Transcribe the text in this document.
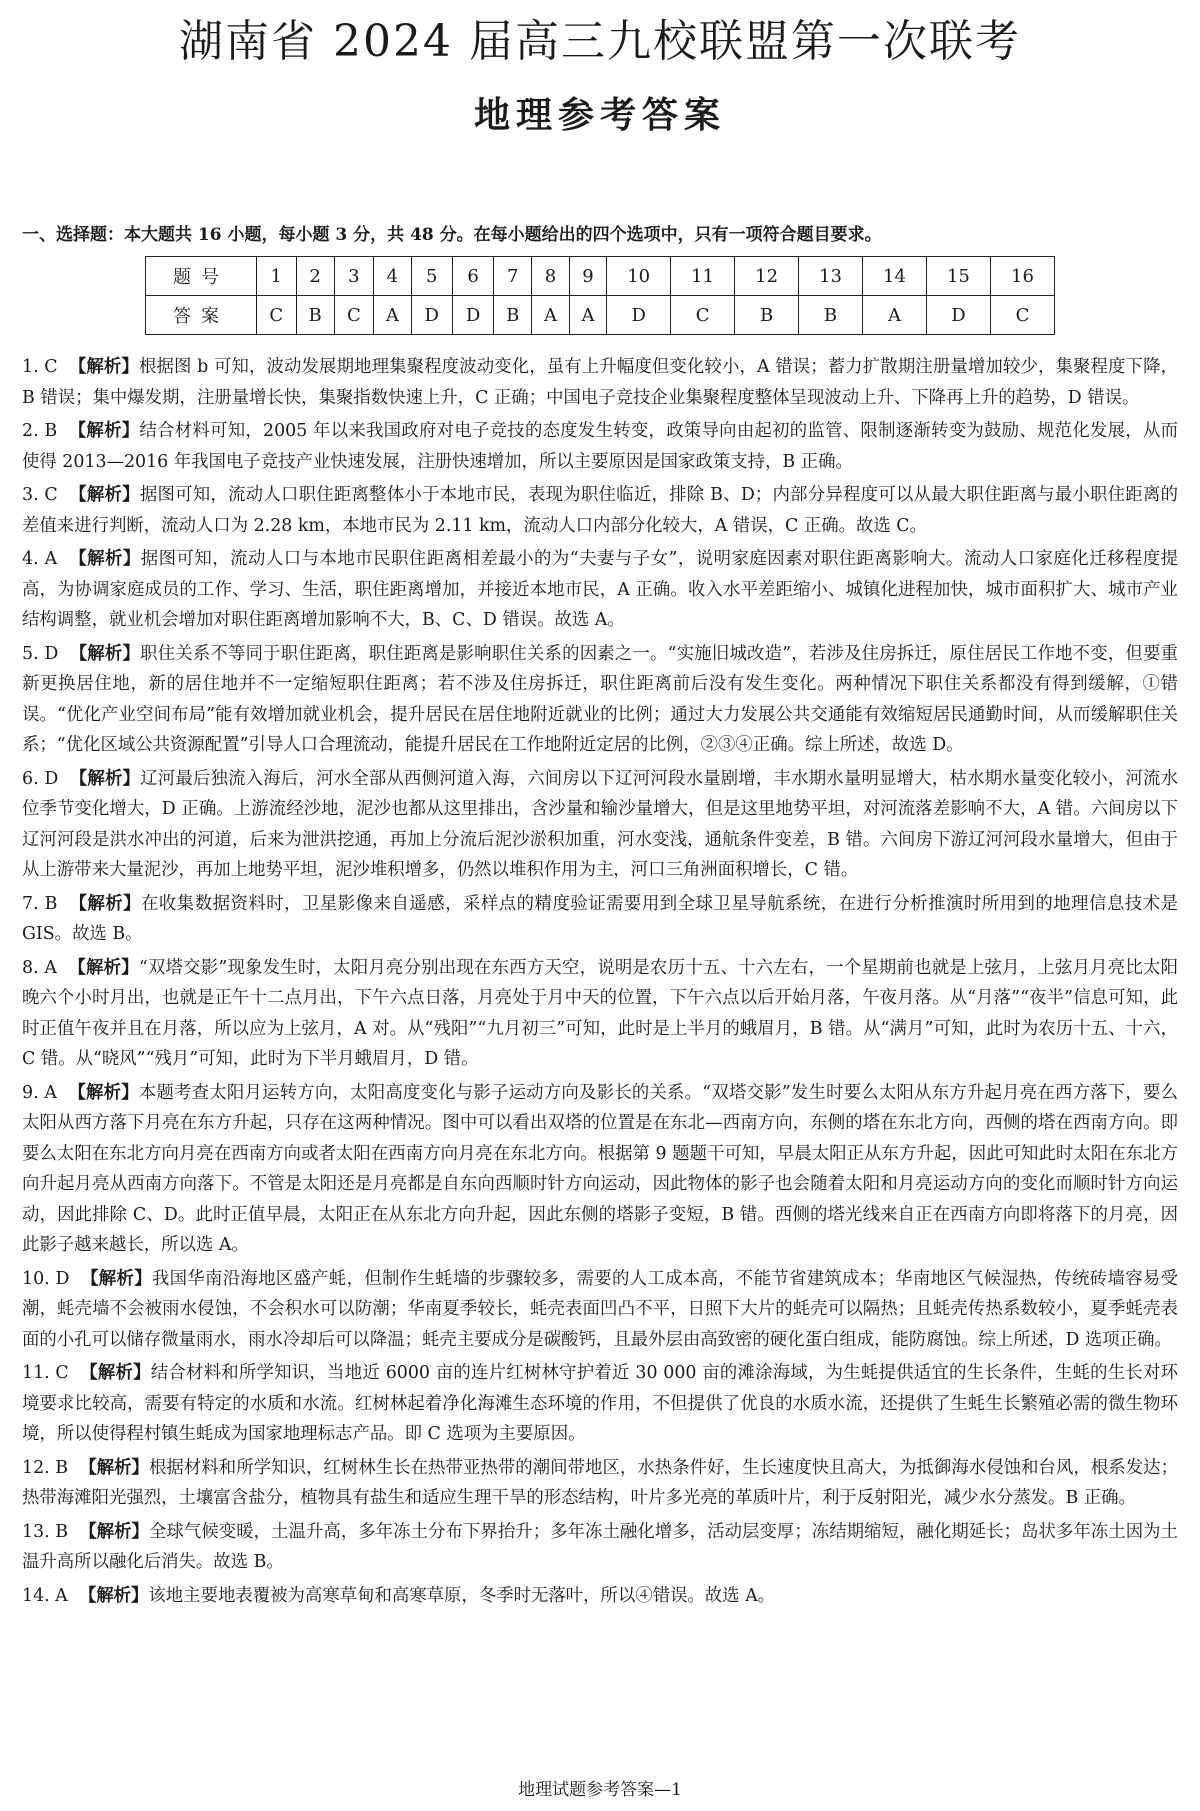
湖南省 2024 届高三九校联盟第一次联考
地理参考答案
一、选择题：本大题共 16 小题，每小题 3 分，共 48 分。在每小题给出的四个选项中，只有一项符合题目要求。
题号	1	2	3	4	5	6	7	8	9	10	11	12	13	14	15	16
答案	C	B	C	A	D	D	B	A	A	D	C	B	B	A	D	C

1. C 【解析】根据图 b 可知，波动发展期地理集聚程度波动变化，虽有上升幅度但变化较小，A 错误；蓄力扩散期注册量增加较少，集聚程度下降，B 错误；集中爆发期，注册量增长快，集聚指数快速上升，C 正确；中国电子竞技企业集聚程度整体呈现波动上升、下降再上升的趋势，D 错误。

2. B 【解析】结合材料可知，2005 年以来我国政府对电子竞技的态度发生转变，政策导向由起初的监管、限制逐渐转变为鼓励、规范化发展，从而使得 2013—2016 年我国电子竞技产业快速发展，注册快速增加，所以主要原因是国家政策支持，B 正确。

3. C 【解析】据图可知，流动人口职住距离整体小于本地市民，表现为职住临近，排除 B、D；内部分异程度可以从最大职住距离与最小职住距离的差值来进行判断，流动人口为 2.28 km，本地市民为 2.11 km，流动人口内部分化较大，A 错误，C 正确。故选 C。

4. A 【解析】据图可知，流动人口与本地市民职住距离相差最小的为“夫妻与子女”，说明家庭因素对职住距离影响大。流动人口家庭化迁移程度提高，为协调家庭成员的工作、学习、生活，职住距离增加，并接近本地市民，A 正确。收入水平差距缩小、城镇化进程加快，城市面积扩大、城市产业结构调整，就业机会增加对职住距离增加影响不大，B、C、D 错误。故选 A。

5. D 【解析】职住关系不等同于职住距离，职住距离是影响职住关系的因素之一。“实施旧城改造”，若涉及住房拆迁，原住居民工作地不变，但要重新更换居住地，新的居住地并不一定缩短职住距离；若不涉及住房拆迁，职住距离前后没有发生变化。两种情况下职住关系都没有得到缓解，①错误。“优化产业空间布局”能有效增加就业机会，提升居民在居住地附近就业的比例；通过大力发展公共交通能有效缩短居民通勤时间，从而缓解职住关系；“优化区域公共资源配置”引导人口合理流动，能提升居民在工作地附近定居的比例，②③④正确。综上所述，故选 D。

6. D 【解析】辽河最后独流入海后，河水全部从西侧河道入海，六间房以下辽河河段水量剧增，丰水期水量明显增大，枯水期水量变化较小，河流水位季节变化增大，D 正确。上游流经沙地，泥沙也都从这里排出，含沙量和输沙量增大，但是这里地势平坦，对河流落差影响不大，A 错。六间房以下辽河河段是洪水冲出的河道，后来为泄洪挖通，再加上分流后泥沙淤积加重，河水变浅，通航条件变差，B 错。六间房下游辽河河段水量增大，但由于从上游带来大量泥沙，再加上地势平坦，泥沙堆积增多，仍然以堆积作用为主，河口三角洲面积增长，C 错。

7. B 【解析】在收集数据资料时，卫星影像来自遥感，采样点的精度验证需要用到全球卫星导航系统，在进行分析推演时所用到的地理信息技术是 GIS。故选 B。

8. A 【解析】“双塔交影”现象发生时，太阳月亮分别出现在东西方天空，说明是农历十五、十六左右，一个星期前也就是上弦月，上弦月月亮比太阳晚六个小时月出，也就是正午十二点月出，下午六点日落，月亮处于月中天的位置，下午六点以后开始月落，午夜月落。从“月落”“夜半”信息可知，此时正值午夜并且在月落，所以应为上弦月，A 对。从“残阳”“九月初三”可知，此时是上半月的蛾眉月，B 错。从“满月”可知，此时为农历十五、十六，C 错。从“晓风”“残月”可知，此时为下半月蛾眉月，D 错。

9. A 【解析】本题考查太阳月运转方向，太阳高度变化与影子运动方向及影长的关系。“双塔交影”发生时要么太阳从东方升起月亮在西方落下，要么太阳从西方落下月亮在东方升起，只存在这两种情况。图中可以看出双塔的位置是在东北—西南方向，东侧的塔在东北方向，西侧的塔在西南方向。即要么太阳在东北方向月亮在西南方向或者太阳在西南方向月亮在东北方向。根据第 9 题题干可知，早晨太阳正从东方升起，因此可知此时太阳在东北方向升起月亮从西南方向落下。不管是太阳还是月亮都是自东向西顺时针方向运动，因此物体的影子也会随着太阳和月亮运动方向的变化而顺时针方向运动，因此排除 C、D。此时正值早晨，太阳正在从东北方向升起，因此东侧的塔影子变短，B 错。西侧的塔光线来自正在西南方向即将落下的月亮，因此影子越来越长，所以选 A。

10. D 【解析】我国华南沿海地区盛产蚝，但制作生蚝墙的步骤较多，需要的人工成本高，不能节省建筑成本；华南地区气候湿热，传统砖墙容易受潮，蚝壳墙不会被雨水侵蚀，不会积水可以防潮；华南夏季较长，蚝壳表面凹凸不平，日照下大片的蚝壳可以隔热；且蚝壳传热系数较小，夏季蚝壳表面的小孔可以储存微量雨水，雨水冷却后可以降温；蚝壳主要成分是碳酸钙，且最外层由高致密的硬化蛋白组成，能防腐蚀。综上所述，D 选项正确。

11. C 【解析】结合材料和所学知识，当地近 6000 亩的连片红树林守护着近 30 000 亩的滩涂海域，为生蚝提供适宜的生长条件，生蚝的生长对环境要求比较高，需要有特定的水质和水流。红树林起着净化海滩生态环境的作用，不但提供了优良的水质水流，还提供了生蚝生长繁殖必需的微生物环境，所以使得程村镇生蚝成为国家地理标志产品。即 C 选项为主要原因。

12. B 【解析】根据材料和所学知识，红树林生长在热带亚热带的潮间带地区，水热条件好，生长速度快且高大，为抵御海水侵蚀和台风，根系发达；热带海滩阳光强烈，土壤富含盐分，植物具有盐生和适应生理干旱的形态结构，叶片多光亮的革质叶片，利于反射阳光，减少水分蒸发。B 正确。

13. B 【解析】全球气候变暖，土温升高，多年冻土分布下界抬升；多年冻土融化增多，活动层变厚；冻结期缩短，融化期延长；岛状多年冻土因为土温升高所以融化后消失。故选 B。

14. A 【解析】该地主要地表覆被为高寒草甸和高寒草原，冬季时无落叶，所以④错误。故选 A。

地理试题参考答案—1
